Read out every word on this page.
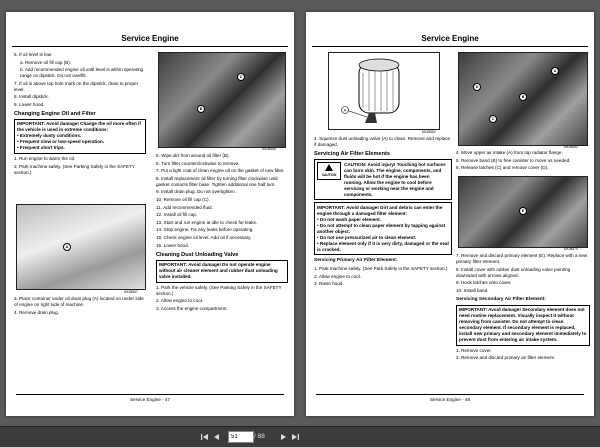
Service Engine

6. If oil level is low:

a. Remove oil fill cap (B).

b. Add recommended engine oil until level is within operating range on dipstick. Do not overfill.

7. If oil is above top hole mark on the dipstick, drain to proper level.

8. Install dipstick.

9. Lower hood.

Changing Engine Oil and Filter

IMPORTANT: Avoid damage! Change the oil more often if the vehicle is used in extreme conditions:
• Extremely dusty conditions.
• Frequent slow or low-speed operation.
• Frequent short trips.

1. Run engine to warm the oil.

2. Park machine safely. (See Parking Safely in the SAFETY section.)

A
MX28567

3. Place container under oil drain plug (A) located on under side of engine on right side of machine.

4. Remove drain plug.

B
C
MX28568

5. Wipe dirt from around oil filter (B).

6. Turn filter counterclockwise to remove.

7. Put a light coat of clean engine oil on the gasket of new filter.

8. Install replacement oil filter by turning filter clockwise until gasket contacts filter base. Tighten additional one half turn.

9. Install drain plug. Do not overtighten.

10. Remove oil fill cap (C).

11. Add recommended fluid.

12. Install oil fill cap.

13. Start and run engine at idle to check for leaks.

14. Stop engine. Fix any leaks before operating.

15. Check engine oil level. Add oil if necessary.

16. Lower hood.

Cleaning Dust Unloading Valve

IMPORTANT: Avoid damage! Do not operate engine without air cleaner element and rubber dust unloading valve installed.

1. Park the vehicle safely. (See Parking Safely in the SAFETY section.)

2. Allow engine to cool.

3. Access the engine compartment.

Service Engine - 47
Service Engine
A
MX28582

4. Squeeze dust unloading valve (A) to clean. Remove and replace if damaged.

Servicing Air Filter Elements

CAUTION
CAUTION: Avoid injury! Touching hot surfaces can burn skin. The engine, components, and fluids will be hot if the engine has been running. Allow the engine to cool before servicing or working near the engine and components.
IMPORTANT: Avoid damage! Dirt and debris can enter the engine through a damaged filter element:
• Do not wash paper element.
• Do not attempt to clean paper element by tapping against another object.
• Do not use pressurized air to clean element.
• Replace element only if it is very dirty, damaged or the seal is cracked.

Servicing Primary Air Filter Element:

1. Park machine safely. (See Park Safely in the SAFETY section.)

2. Allow engine to cool.

3. Raise hood.

A
B
C
D
MX28583

4. Move upper air intake (A) from top radiator flange.

5. Remove band (B) to free canister to move as needed.

6. Release latches (C) and remove cover (D).

E
MX28670

7. Remove and discard primary element (E). Replace with a new primary filter element.

8. Install cover with rubber dust unloading valve pointing downward with arrows aligned.

9. Hook latches onto cover.

10. Install band.

Servicing Secondary Air Filter Element:

IMPORTANT: Avoid damage! Secondary element does not need routine replacement. Visually inspect it without removing from canister. Do not attempt to clean secondary element. If secondary element is replaced, install new primary and secondary element immediately to prevent dust from entering air intake system.

1. Remove cover.

2. Remove and discard primary air filter element.

Service Engine - 48
51
/ 88
